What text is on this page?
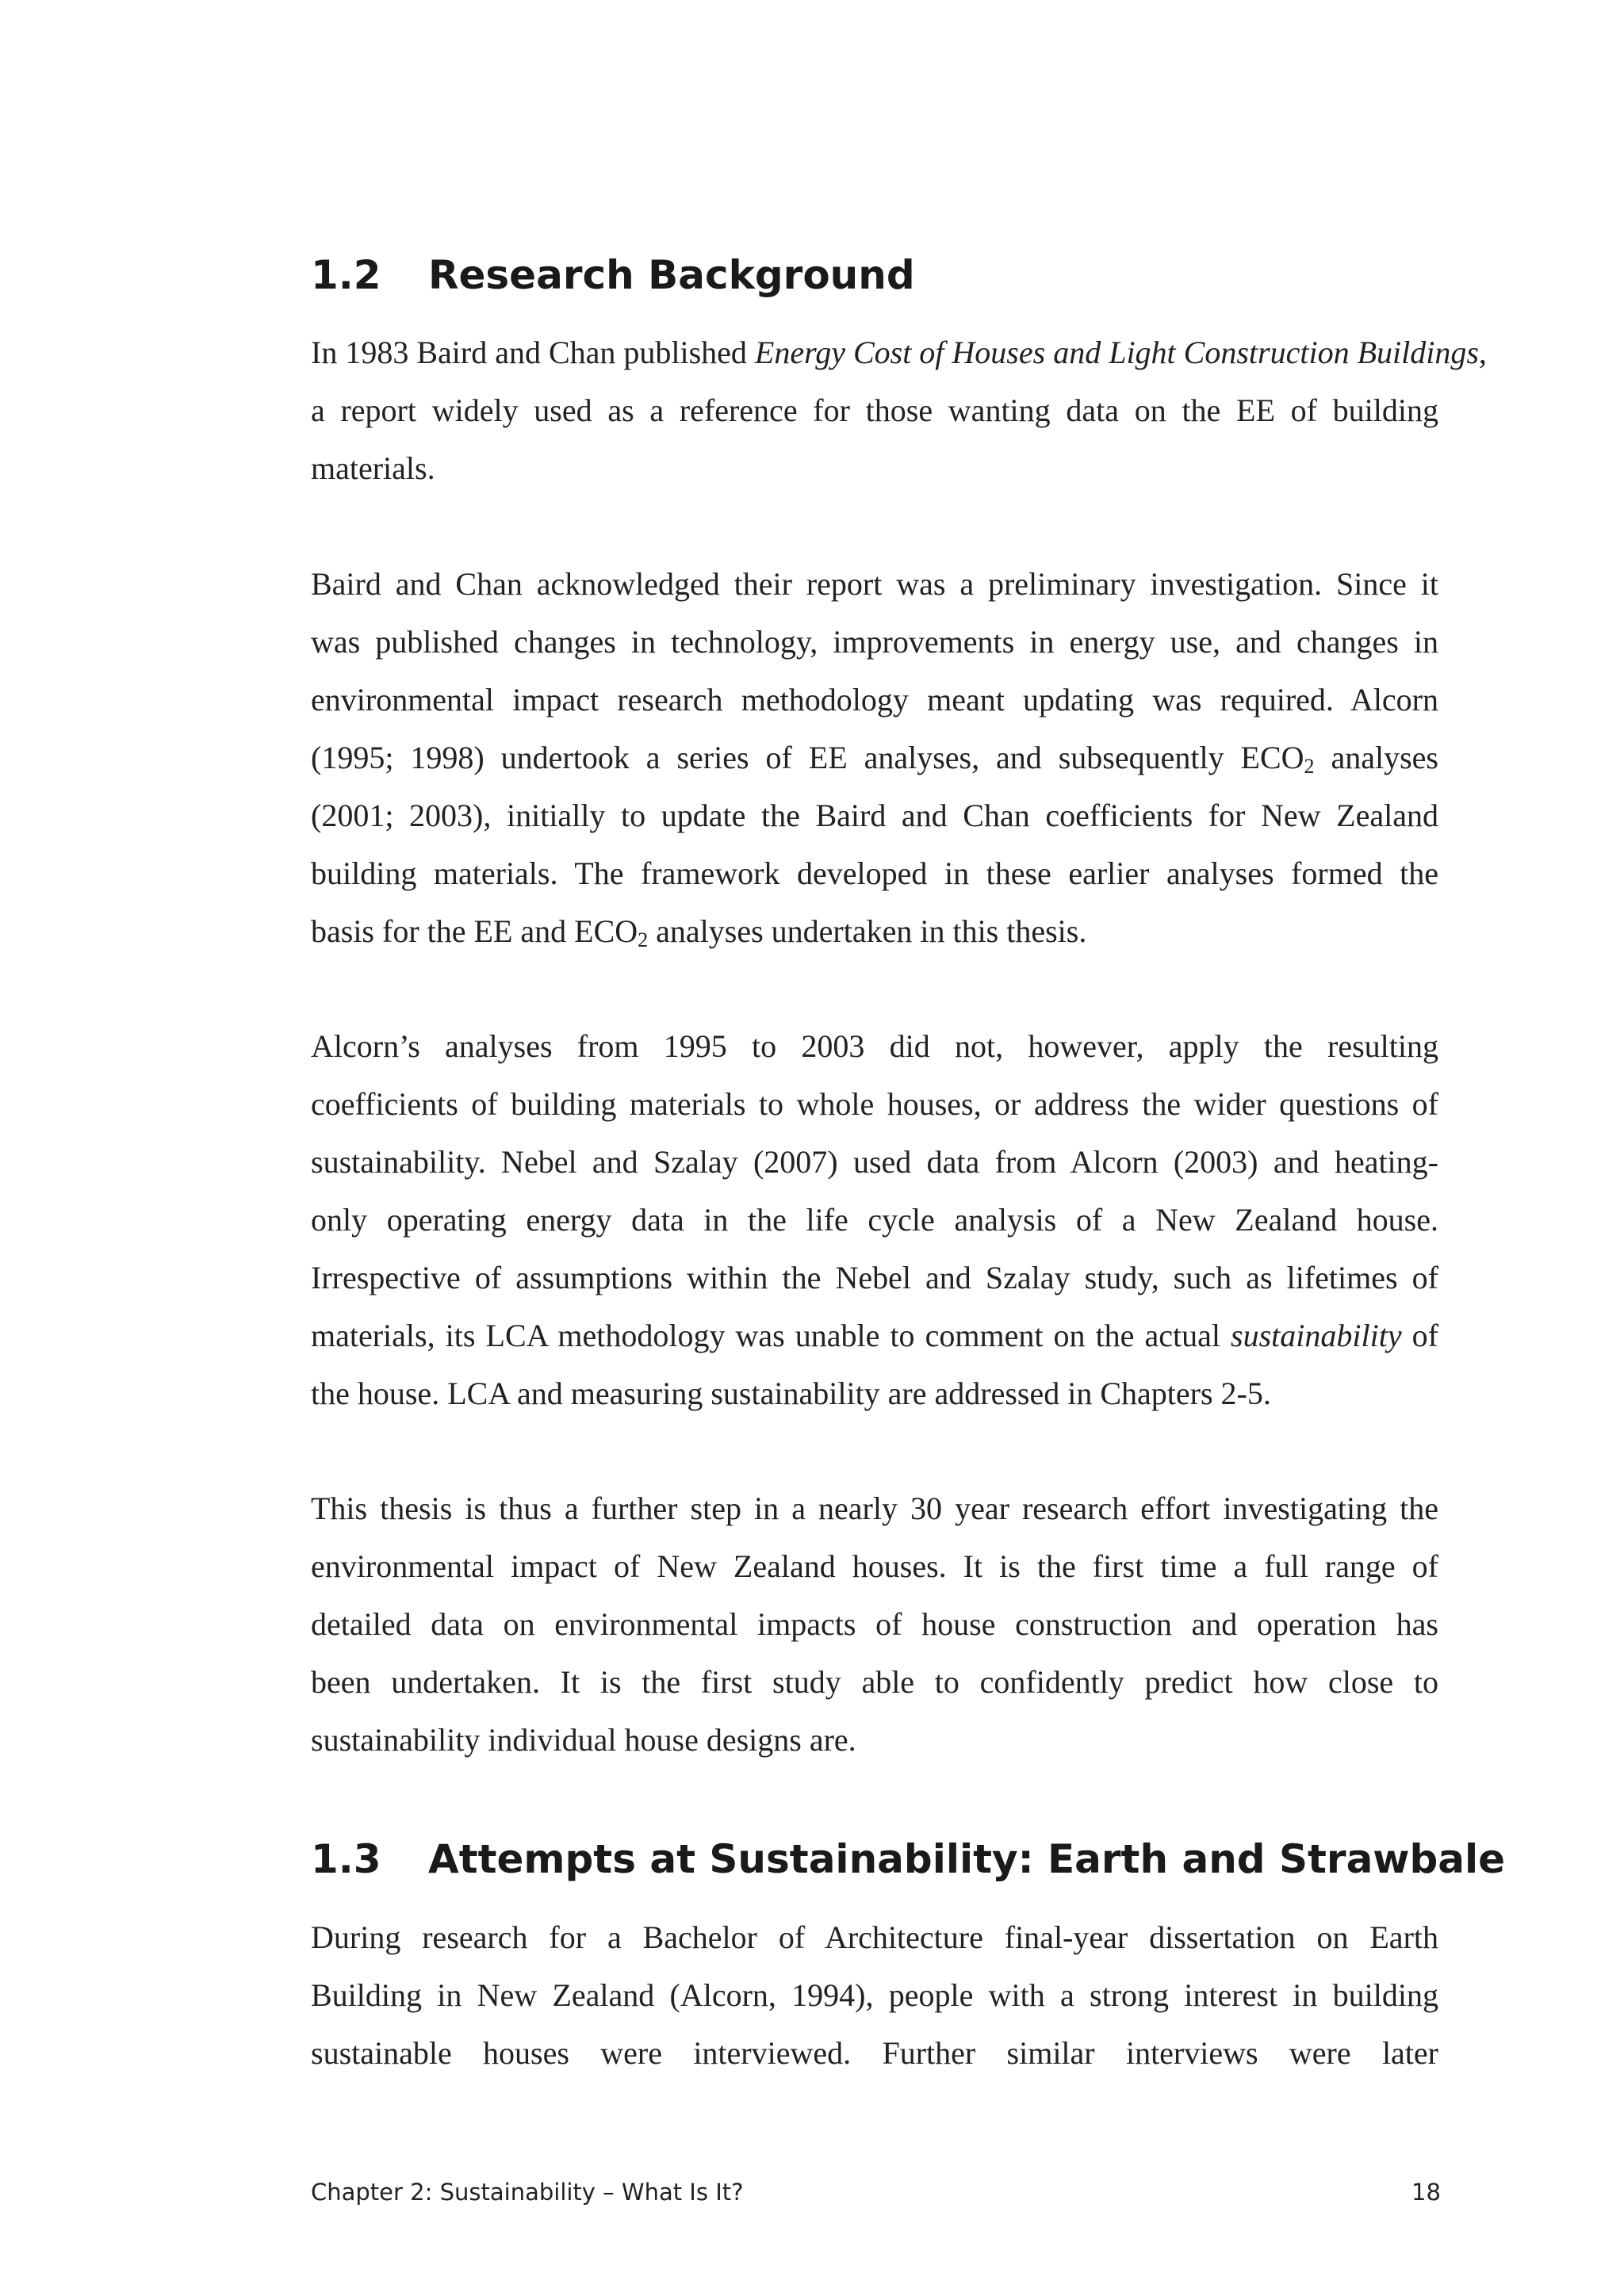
1.2 Research Background
In 1983 Baird and Chan published Energy Cost of Houses and Light Construction Buildings,
a report widely used as a reference for those wanting data on the EE of building
materials.
Baird and Chan acknowledged their report was a preliminary investigation. Since it
was published changes in technology, improvements in energy use, and changes in
environmental impact research methodology meant updating was required. Alcorn
(1995; 1998) undertook a series of EE analyses, and subsequently $ECO_2$ analyses
(2001; 2003), initially to update the Baird and Chan coefficients for New Zealand
building materials. The framework developed in these earlier analyses formed the
basis for the EE and $ECO_2$ analyses undertaken in this thesis.
Alcorn’s analyses from 1995 to 2003 did not, however, apply the resulting
coefficients of building materials to whole houses, or address the wider questions of
sustainability. Nebel and Szalay (2007) used data from Alcorn (2003) and heating-
only operating energy data in the life cycle analysis of a New Zealand house.
Irrespective of assumptions within the Nebel and Szalay study, such as lifetimes of
materials, its LCA methodology was unable to comment on the actual sustainability of
the house. LCA and measuring sustainability are addressed in Chapters 2-5.
This thesis is thus a further step in a nearly 30 year research effort investigating the
environmental impact of New Zealand houses. It is the first time a full range of
detailed data on environmental impacts of house construction and operation has
been undertaken. It is the first study able to confidently predict how close to
sustainability individual house designs are.
1.3 Attempts at Sustainability: Earth and Strawbale
During research for a Bachelor of Architecture final-year dissertation on Earth
Building in New Zealand (Alcorn, 1994), people with a strong interest in building
sustainable houses were interviewed. Further similar interviews were later
Chapter 2: Sustainability – What Is It?	18
